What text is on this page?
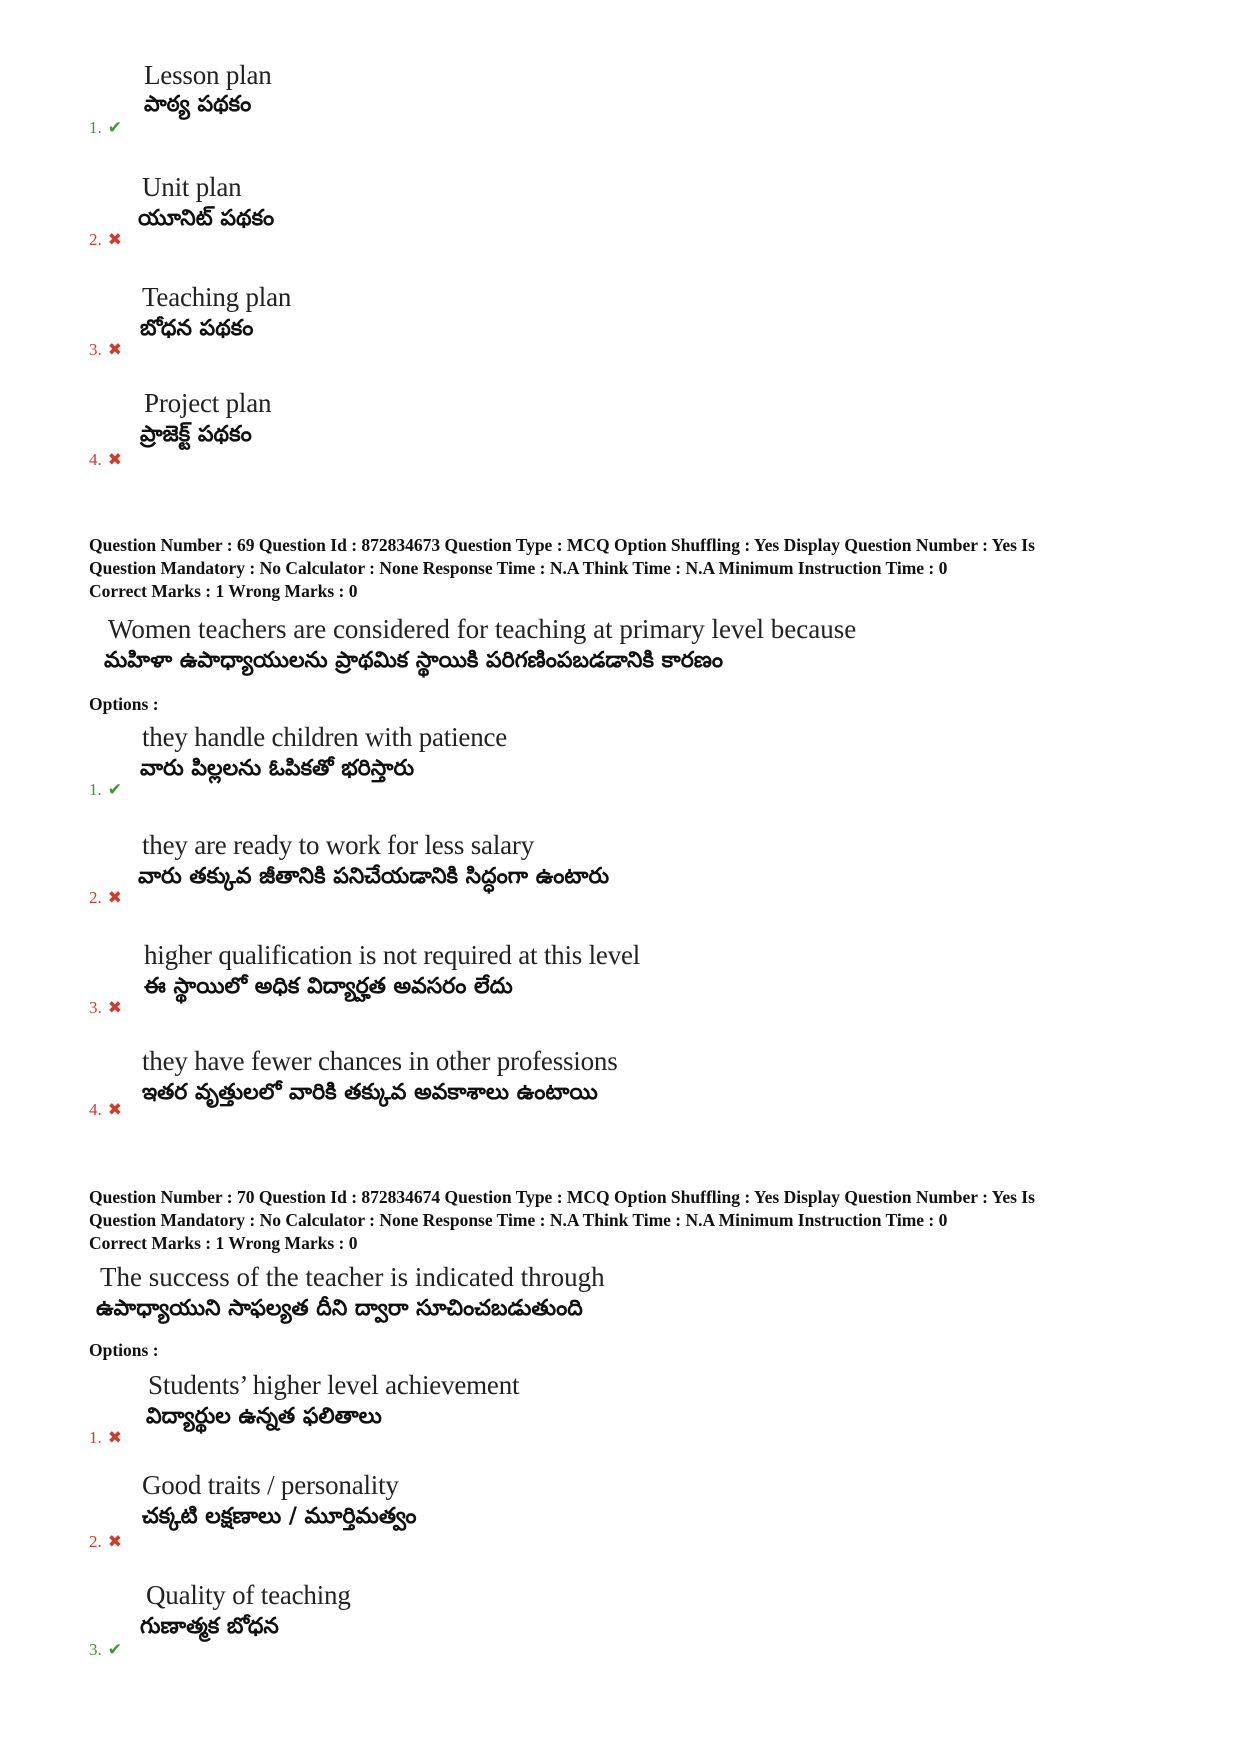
Lesson plan
పాఠ్య పథకం
1. ✔
Unit plan
యూనిట్ పథకం
2. ✖
Teaching plan
బోధన పథకం
3. ✖
Project plan
ప్రాజెక్ట్ పథకం
4. ✖
Question Number : 69 Question Id : 872834673 Question Type : MCQ Option Shuffling : Yes Display Question Number : Yes Is
Question Mandatory : No Calculator : None Response Time : N.A Think Time : N.A Minimum Instruction Time : 0
Correct Marks : 1 Wrong Marks : 0
Women teachers are considered for teaching at primary level because
మహిళా ఉపాధ్యాయులను ప్రాథమిక స్థాయికి పరిగణింపబడడానికి కారణం
Options :
they handle children with patience
వారు పిల్లలను ఓపికతో భరిస్తారు
1. ✔
they are ready to work for less salary
వారు తక్కువ జీతానికి పనిచేయడానికి సిద్ధంగా ఉంటారు
2. ✖
higher qualification is not required at this level
ఈ స్థాయిలో అధిక విద్యార్హత అవసరం లేదు
3. ✖
they have fewer chances in other professions
ఇతర వృత్తులలో వారికి తక్కువ అవకాశాలు ఉంటాయి
4. ✖
Question Number : 70 Question Id : 872834674 Question Type : MCQ Option Shuffling : Yes Display Question Number : Yes Is
Question Mandatory : No Calculator : None Response Time : N.A Think Time : N.A Minimum Instruction Time : 0
Correct Marks : 1 Wrong Marks : 0
The success of the teacher is indicated through
ఉపాధ్యాయుని సాఫల్యత దీని ద్వారా సూచించబడుతుంది
Options :
Students’ higher level achievement
విద్యార్థుల ఉన్నత ఫలితాలు
1. ✖
Good traits / personality
చక్కటి లక్షణాలు / మూర్తిమత్వం
2. ✖
Quality of teaching
గుణాత్మక బోధన
3. ✔
